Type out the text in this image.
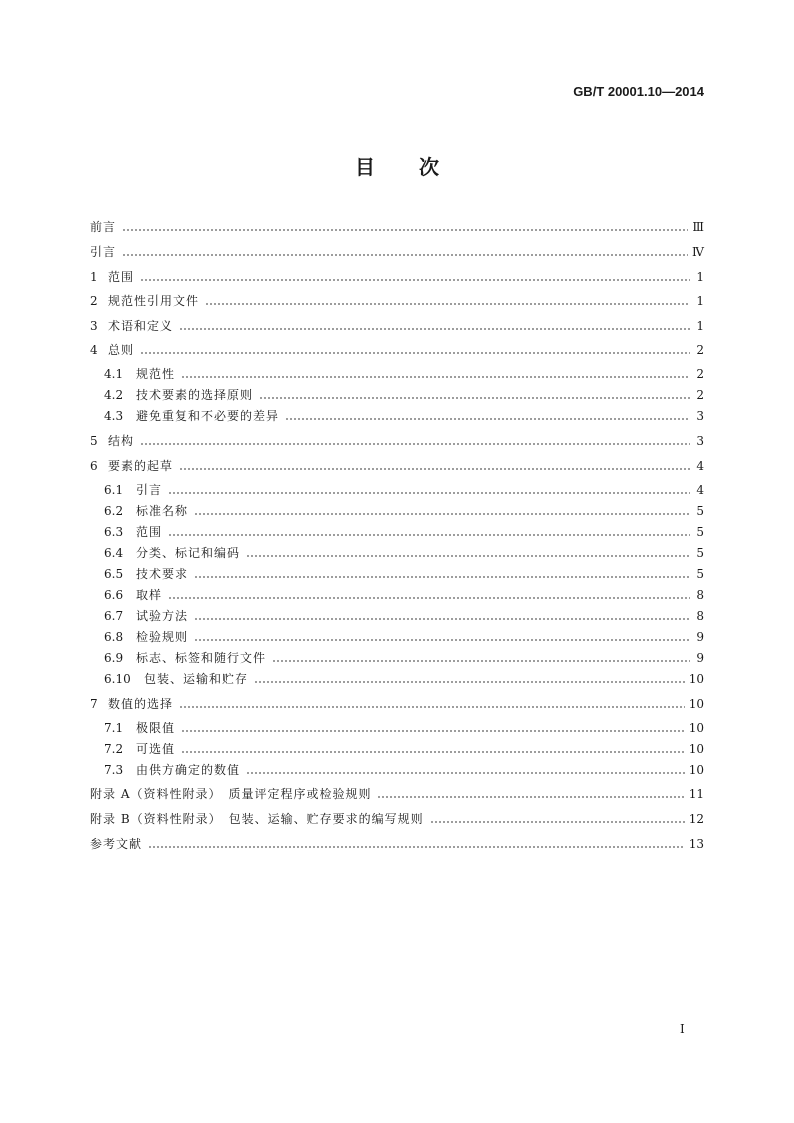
GB/T 20001.10—2014
目 次
前言	Ⅲ
引言	Ⅳ
1 范围	1
2 规范性引用文件	1
3 术语和定义	1
4 总则	2
4.1	规范性	2
4.2	技术要素的选择原则	2
4.3	避免重复和不必要的差异	3
5 结构	3
6 要素的起草	4
6.1	引言	4
6.2	标准名称	5
6.3	范围	5
6.4	分类、标记和编码	5
6.5	技术要求	5
6.6	取样	8
6.7	试验方法	8
6.8	检验规则	9
6.9	标志、标签和随行文件	9
6.10	包装、运输和贮存	10
7 数值的选择	10
7.1	极限值	10
7.2	可选值	10
7.3	由供方确定的数值	10
附录 A（资料性附录）　质量评定程序或检验规则	11
附录 B（资料性附录）　包装、运输、贮存要求的编写规则	12
参考文献	13
Ⅰ
